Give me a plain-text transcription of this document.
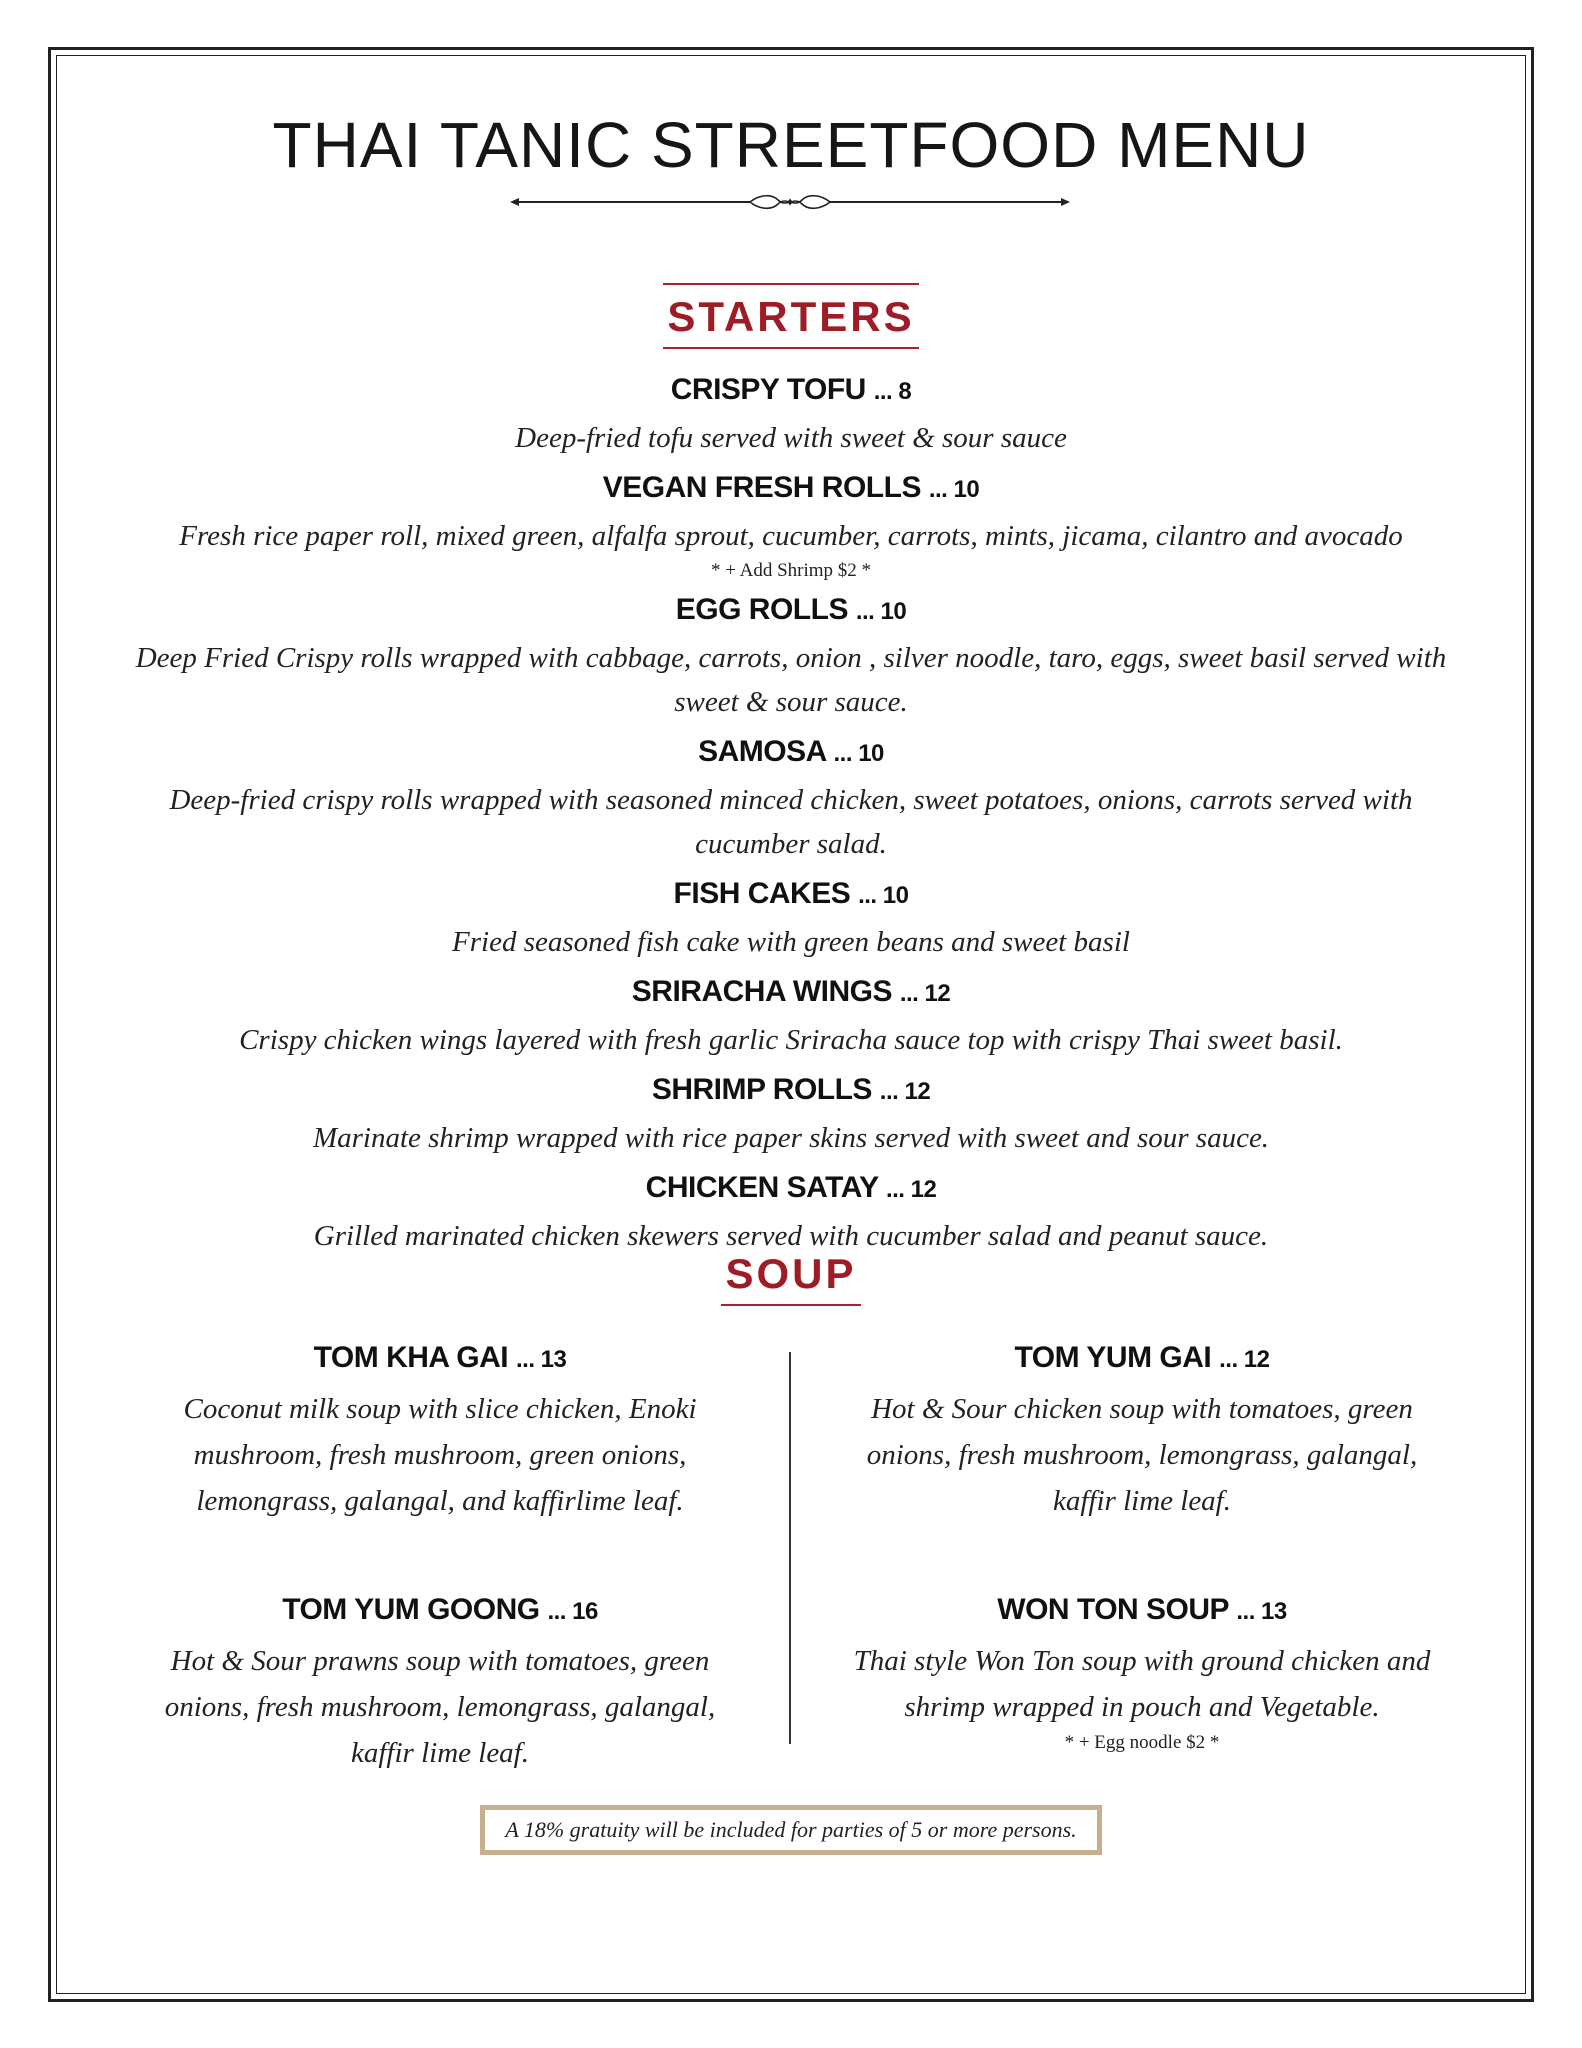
THAI TANIC STREETFOOD MENU
STARTERS

CRISPY TOFU ... 8

Deep-fried tofu served with sweet & sour sauce

VEGAN FRESH ROLLS ... 10

Fresh rice paper roll, mixed green, alfalfa sprout, cucumber, carrots, mints, jicama, cilantro and avocado

* + Add Shrimp $2 *

EGG ROLLS ... 10

Deep Fried Crispy rolls wrapped with cabbage, carrots, onion , silver noodle, taro, eggs, sweet basil served with sweet & sour sauce.

SAMOSA ... 10

Deep-fried crispy rolls wrapped with seasoned minced chicken, sweet potatoes, onions, carrots served with cucumber salad.

FISH CAKES ... 10

Fried seasoned fish cake with green beans and sweet basil

SRIRACHA WINGS ... 12

Crispy chicken wings layered with fresh garlic Sriracha sauce top with crispy Thai sweet basil.

SHRIMP ROLLS ... 12

Marinate shrimp wrapped with rice paper skins served with sweet and sour sauce.

CHICKEN SATAY ... 12

Grilled marinated chicken skewers served with cucumber salad and peanut sauce.

SOUP

TOM KHA GAI ... 13

Coconut milk soup with slice chicken, Enoki mushroom, fresh mushroom, green onions, lemongrass, galangal, and kaffirlime leaf.

TOM YUM GOONG ... 16

Hot & Sour prawns soup with tomatoes, green onions, fresh mushroom, lemongrass, galangal, kaffir lime leaf.

TOM YUM GAI ... 12

Hot & Sour chicken soup with tomatoes, green onions, fresh mushroom, lemongrass, galangal, kaffir lime leaf.

WON TON SOUP ... 13

Thai style Won Ton soup with ground chicken and shrimp wrapped in pouch and Vegetable.

* + Egg noodle $2 *

A 18% gratuity will be included for parties of 5 or more persons.
